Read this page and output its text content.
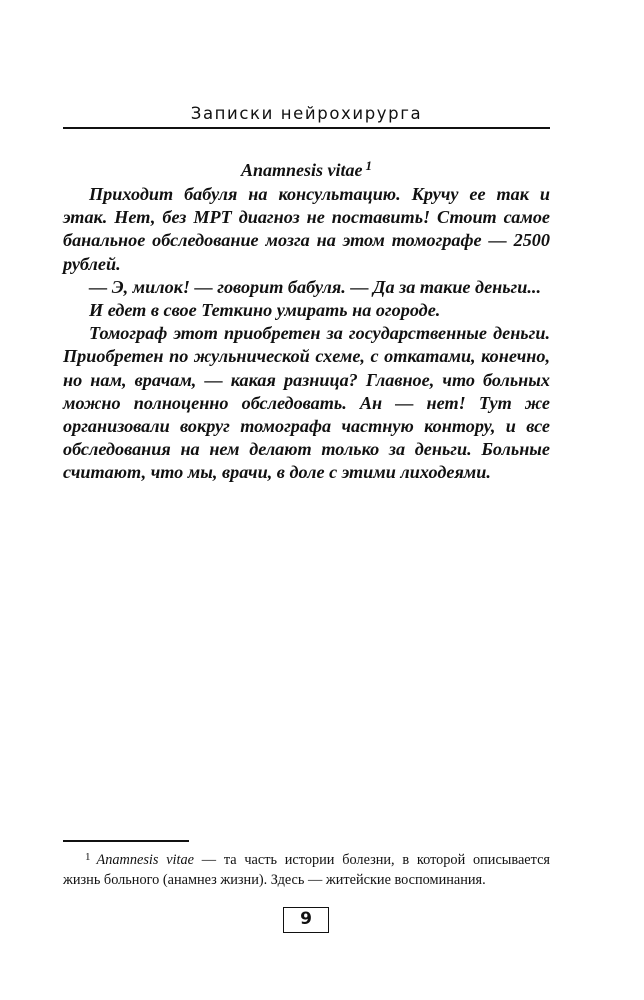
Записки нейрохирурга
Anamnesis vitae $^1$

Приходит бабуля на консультацию. Кручу ее так и этак. Нет, без МРТ диагноз не поставить! Стоит самое банальное обследование мозга на этом томографе — 2500 рублей.

— Э, милок! — говорит бабуля. — Да за такие деньги...

И едет в свое Теткино умирать на огороде.

Томограф этот приобретен за государственные деньги. Приобретен по жульнической схеме, с откатами, конечно, но нам, врачам, — какая разница? Главное, что больных можно полноценно обследовать. Ан — нет! Тут же организовали вокруг томографа частную контору, и все обследования на нем делают только за деньги. Больные считают, что мы, врачи, в доле с этими лиходеями.

$^1$ Anamnesis vitae — та часть истории болезни, в которой описывается жизнь больного (анамнез жизни). Здесь — житейские воспоминания.
9
